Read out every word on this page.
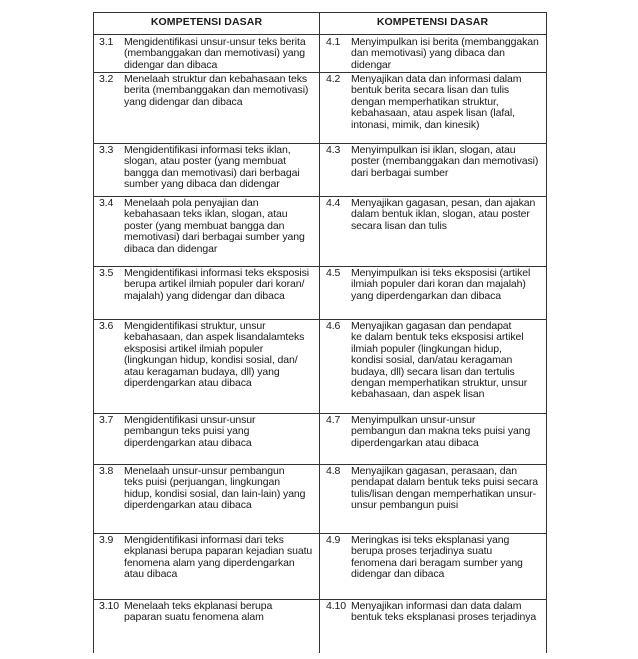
KOMPETENSI DASAR	KOMPETENSI DASAR
3.1 Mengidentifikasi unsur-unsur teks berita
(membanggakan dan memotivasi) yang
didengar dan dibaca
4.1 Menyimpulkan isi berita (membanggakan
dan memotivasi) yang dibaca dan
didengar
3.2 Menelaah struktur dan kebahasaan teks
berita (membanggakan dan memotivasi)
yang didengar dan dibaca
4.2 Menyajikan data dan informasi dalam
bentuk berita secara lisan dan tulis
dengan memperhatikan struktur,
kebahasaan, atau aspek lisan (lafal,
intonasi, mimik, dan kinesik)
3.3 Mengidentifikasi informasi teks iklan,
slogan, atau poster (yang membuat
bangga dan memotivasi) dari berbagai
sumber yang dibaca dan didengar
4.3 Menyimpulkan isi iklan, slogan, atau
poster (membanggakan dan memotivasi)
dari berbagai sumber
3.4 Menelaah pola penyajian dan
kebahasaan teks iklan, slogan, atau
poster (yang membuat bangga dan
memotivasi) dari berbagai sumber yang
dibaca dan didengar
4.4 Menyajikan gagasan, pesan, dan ajakan
dalam bentuk iklan, slogan, atau poster
secara lisan dan tulis
3.5 Mengidentifikasi informasi teks eksposisi
berupa artikel ilmiah populer dari koran/
majalah) yang didengar dan dibaca
4.5 Menyimpulkan isi teks eksposisi (artikel
ilmiah populer dari koran dan majalah)
yang diperdengarkan dan dibaca
3.6 Mengidentifikasi struktur, unsur
kebahasaan, dan aspek lisandalamteks
eksposisi artikel ilmiah populer
(lingkungan hidup, kondisi sosial, dan/
atau keragaman budaya, dll) yang
diperdengarkan atau dibaca
4.6 Menyajikan gagasan dan pendapat
ke dalam bentuk teks eksposisi artikel
ilmiah populer (lingkungan hidup,
kondisi sosial, dan/atau keragaman
budaya, dll) secara lisan dan tertulis
dengan memperhatikan struktur, unsur
kebahasaan, dan aspek lisan
3.7 Mengidentifikasi unsur-unsur
pembangun teks puisi yang
diperdengarkan atau dibaca
4.7 Menyimpulkan unsur-unsur
pembangun dan makna teks puisi yang
diperdengarkan atau dibaca
3.8 Menelaah unsur-unsur pembangun
teks puisi (perjuangan, lingkungan
hidup, kondisi sosial, dan lain-lain) yang
diperdengarkan atau dibaca
4.8 Menyajikan gagasan, perasaan, dan
pendapat dalam bentuk teks puisi secara
tulis/lisan dengan memperhatikan unsur-
unsur pembangun puisi
3.9 Mengidentifikasi informasi dari teks
ekplanasi berupa paparan kejadian suatu
fenomena alam yang diperdengarkan
atau dibaca
4.9 Meringkas isi teks eksplanasi yang
berupa proses terjadinya suatu
fenomena dari beragam sumber yang
didengar dan dibaca
3.10 Menelaah teks ekplanasi berupa
paparan suatu fenomena alam
4.10 Menyajikan informasi dan data dalam
bentuk teks eksplanasi proses terjadinya
